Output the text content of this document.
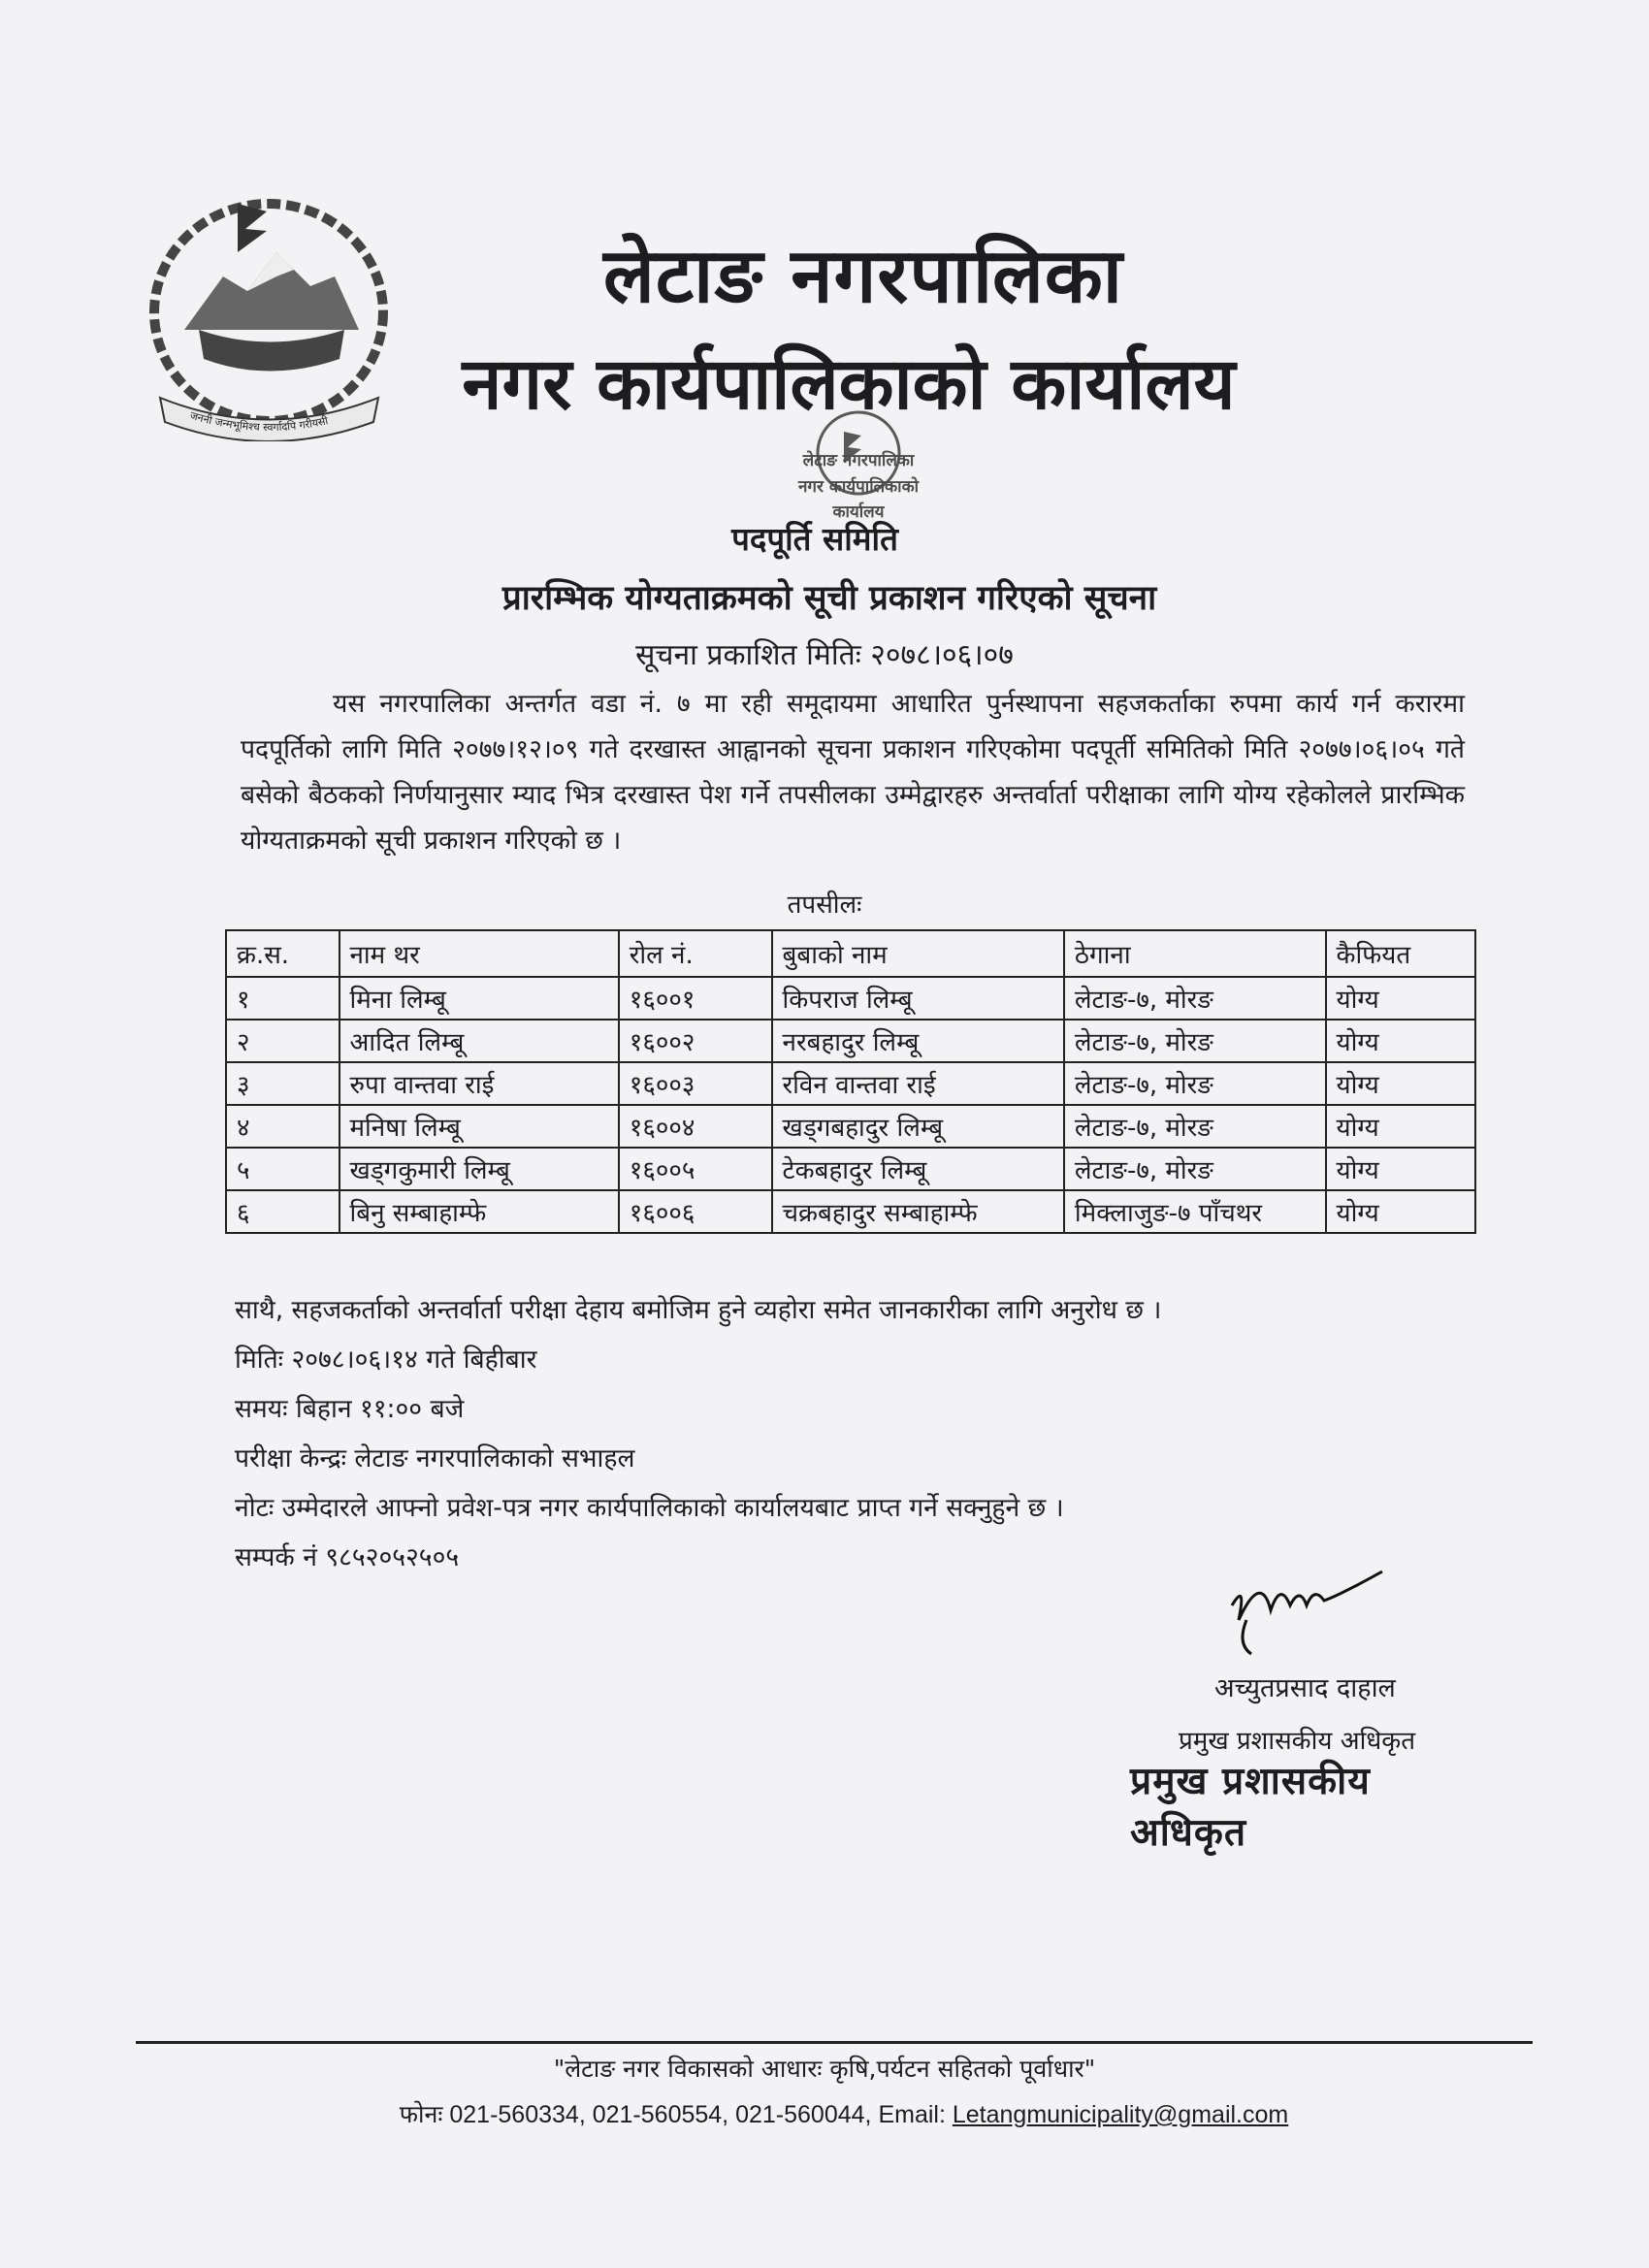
जननी जन्मभूमिश्च स्वर्गादपि गरीयसी
लेटाङ नगरपालिका
नगर कार्यपालिकाको कार्यालय
लेटाङ नगरपालिका
नगर कार्यपालिकाको
कार्यालय
पदपूर्ति समिति
प्रारम्भिक योग्यताक्रमको सूची प्रकाशन गरिएको सूचना
सूचना प्रकाशित मितिः २०७८।०६।०७
यस नगरपालिका अन्तर्गत वडा नं. ७ मा रही समूदायमा आधारित पुर्नस्थापना सहजकर्ताका रुपमा कार्य गर्न करारमा पदपूर्तिको लागि मिति २०७७।१२।०९ गते दरखास्त आह्वानको सूचना प्रकाशन गरिएकोमा पदपूर्ती समितिको मिति २०७७।०६।०५ गते बसेको बैठकको निर्णयानुसार म्याद भित्र दरखास्त पेश गर्ने तपसीलका उम्मेद्वारहरु अन्तर्वार्ता परीक्षाका लागि योग्य रहेकोलले प्रारम्भिक योग्यताक्रमको सूची प्रकाशन गरिएको छ ।
तपसीलः
क्र.स.	नाम थर	रोल नं.	बुबाको नाम	ठेगाना	कैफियत
१	मिना लिम्बू	१६००१	किपराज लिम्बू	लेटाङ-७, मोरङ	योग्य
२	आदित लिम्बू	१६००२	नरबहादुर लिम्बू	लेटाङ-७, मोरङ	योग्य
३	रुपा वान्तवा राई	१६००३	रविन वान्तवा राई	लेटाङ-७, मोरङ	योग्य
४	मनिषा लिम्बू	१६००४	खड्गबहादुर लिम्बू	लेटाङ-७, मोरङ	योग्य
५	खड्गकुमारी लिम्बू	१६००५	टेकबहादुर लिम्बू	लेटाङ-७, मोरङ	योग्य
६	बिनु सम्बाहाम्फे	१६००६	चक्रबहादुर सम्बाहाम्फे	मिक्लाजुङ-७ पाँचथर	योग्य
साथै, सहजकर्ताको अन्तर्वार्ता परीक्षा देहाय बमोजिम हुने व्यहोरा समेत जानकारीका लागि अनुरोध छ ।
मितिः २०७८।०६।१४ गते बिहीबार
समयः बिहान ११:०० बजे
परीक्षा केन्द्रः लेटाङ नगरपालिकाको सभाहल
नोटः उम्मेदारले आफ्नो प्रवेश-पत्र नगर कार्यपालिकाको कार्यालयबाट प्राप्त गर्ने सक्नुहुने छ ।
सम्पर्क नं ९८५२०५२५०५
अच्युतप्रसाद दाहाल
प्रमुख प्रशासकीय अधिकृत
प्रमुख प्रशासकीय अधिकृत
"लेटाङ नगर विकासको आधारः कृषि,पर्यटन सहितको पूर्वाधार"
फोनः 021-560334, 021-560554, 021-560044, Email: Letangmunicipality@gmail.com
